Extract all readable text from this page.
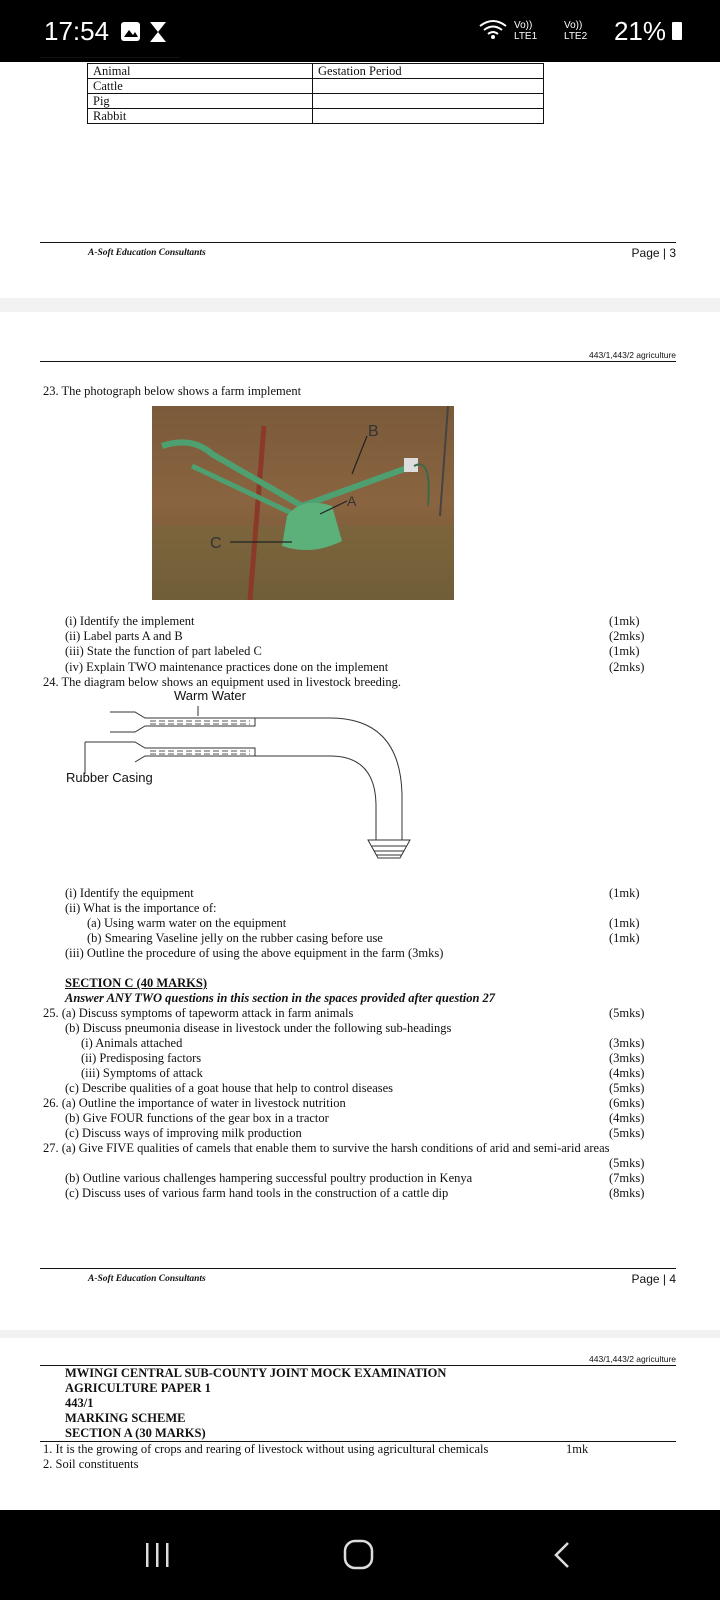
17:54	Vo)) LTE1
Vo)) LTE2	21%
Animal	Gestation Period
Cattle	
Pig	
Rabbit	
A-Soft Education Consultants	Page | 3
443/1,443/2 agriculture
23. The photograph below shows a farm implement
B
A
C
(i) Identify the implement	(1mk)
(ii) Label parts A and B	(2mks)
(iii) State the function of part labeled C	(1mk)
(iv) Explain TWO maintenance practices done on the implement	(2mks)
24. The diagram below shows an equipment used in livestock breeding.
Warm Water
Rubber Casing
(i) Identify the equipment	(1mk)
(ii) What is the importance of:
(a) Using warm water on the equipment	(1mk)
(b) Smearing Vaseline jelly on the rubber casing before use	(1mk)
(iii) Outline the procedure of using the above equipment in the farm (3mks)
SECTION C (40 MARKS)
Answer ANY TWO questions in this section in the spaces provided after question 27
25. (a) Discuss symptoms of tapeworm attack in farm animals	(5mks)
(b) Discuss pneumonia disease in livestock under the following sub-headings
(i) Animals attached	(3mks)
(ii) Predisposing factors	(3mks)
(iii) Symptoms of attack	(4mks)
(c) Describe qualities of a goat house that help to control diseases	(5mks)
26. (a) Outline the importance of water in livestock nutrition	(6mks)
(b) Give FOUR functions of the gear box in a tractor	(4mks)
(c) Discuss ways of improving milk production	(5mks)
27. (a) Give FIVE qualities of camels that enable them to survive the harsh conditions of arid and semi-arid areas
(5mks)
(b) Outline various challenges hampering successful poultry production in Kenya	(7mks)
(c) Discuss uses of various farm hand tools in the construction of a cattle dip	(8mks)
A-Soft Education Consultants	Page | 4
443/1,443/2 agriculture
MWINGI CENTRAL SUB-COUNTY JOINT MOCK EXAMINATION
AGRICULTURE PAPER 1
443/1
MARKING SCHEME
SECTION A (30 MARKS)
1. It is the growing of crops and rearing of livestock without using agricultural chemicals	1mk
2. Soil constituents
